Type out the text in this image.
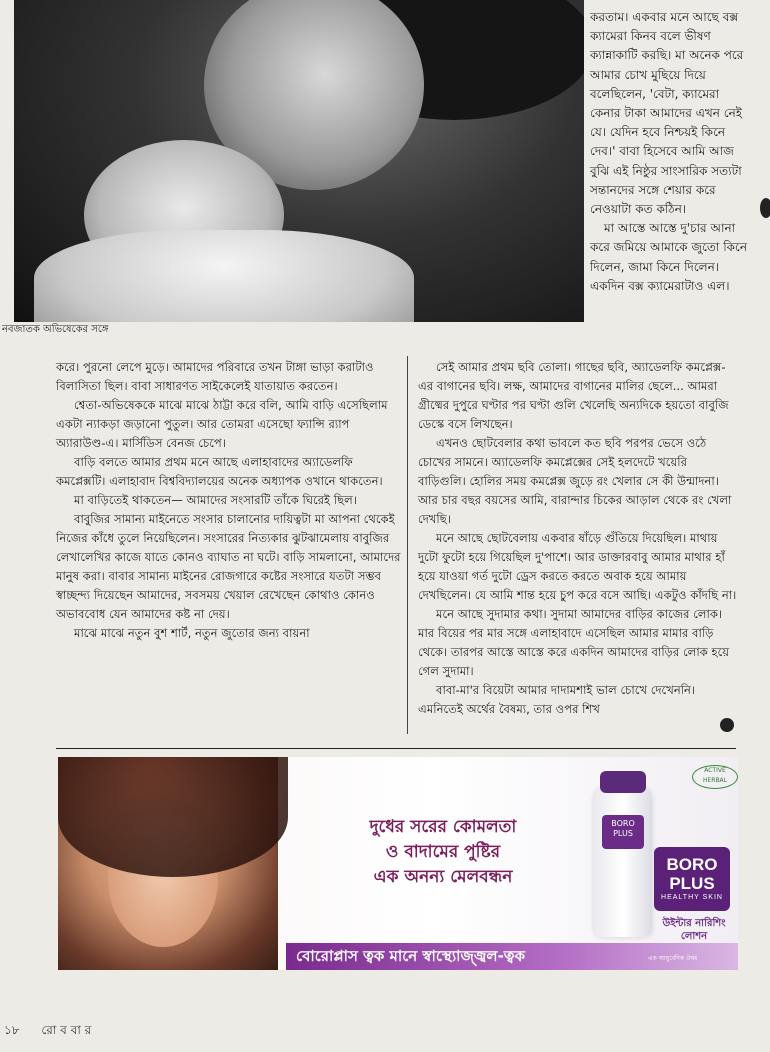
নবজাতক অভিষেকের সঙ্গে

করতাম। একবার মনে আছে বক্স ক্যামেরা কিনব বলে ভীষণ ক্যান্নাকাটি করছি। মা অনেক পরে আমার চোখ মুছিয়ে দিয়ে বলেছিলেন, 'বেটা, ক্যামেরা কেনার টাকা আমাদের এখন নেই যে। যেদিন হবে নিশ্চয়ই কিনে দেব।' বাবা হিসেবে আমি আজ বুঝি এই নিষ্ঠুর সাংসারিক সত্যটা সন্তানদের সঙ্গে শেয়ার করে নেওয়াটা কত কঠিন।

মা আস্তে আস্তে দু'চার আনা করে জমিয়ে আমাকে জুতো কিনে দিলেন, জামা কিনে দিলেন। একদিন বক্স ক্যামেরাটাও এল।

করে। পুরনো লেপে মুড়ে। আমাদের পরিবারে তখন টাঙ্গা ভাড়া করাটাও বিলাসিতা ছিল। বাবা সাধারণত সাইকেলেই যাতায়াত করতেন।

শ্বেতা-অভিষেককে মাঝে মাঝে ঠাট্টা করে বলি, আমি বাড়ি এসেছিলাম একটা ন্যাকড়া জড়ানো পুতুল। আর তোমরা এসেছো ফ্যান্সি র‍্যাপ অ্যারাউণ্ড-এ। মার্সিডিস বেনজ চেপে।

বাড়ি বলতে আমার প্রথম মনে আছে এলাহাবাদের অ্যাডেলফি কমপ্লেক্সটি। এলাহাবাদ বিশ্ববিদ্যালয়ের অনেক অধ্যাপক ওখানে থাকতেন।

মা বাড়িতেই থাকতেন— আমাদের সংসারটি তাঁকে ঘিরেই ছিল।

বাবুজির সামান্য মাইনেতে সংসার চালানোর দায়িত্বটা মা আপনা থেকেই নিজের কাঁধে তুলে নিয়েছিলেন। সংসারের নিত্যকার ঝুটঝামেলায় বাবুজির লেখালেখির কাজে যাতে কোনও ব্যাঘাত না ঘটে। বাড়ি সামলানো, আমাদের মানুষ করা। বাবার সামান্য মাইনের রোজগারে কষ্টের সংসারে যতটা সম্ভব স্বাচ্ছন্দ্য দিয়েছেন আমাদের, সবসময় খেয়াল রেখেছেন কোথাও কোনও অভাববোধ যেন আমাদের কষ্ট না দেয়।

মাঝে মাঝে নতুন বুশ শার্ট, নতুন জুতোর জন্য বায়না

সেই আমার প্রথম ছবি তোলা। গাছের ছবি, অ্যাডেলফি কমপ্লেক্স-এর বাগানের ছবি। লক্ষ, আমাদের বাগানের মালির ছেলে... আমরা গ্রীষ্মের দুপুরে ঘণ্টার পর ঘণ্টা গুলি খেলেছি অন্যদিকে হয়তো বাবুজি ডেস্কে বসে লিখছেন।

এখনও ছোটবেলার কথা ভাবলে কত ছবি পরপর ভেসে ওঠে চোখের সামনে। অ্যাডেলফি কমপ্লেক্সের সেই হলদেটে খয়েরি বাড়িগুলি। হোলির সময় কমপ্লেক্স জুড়ে রং খেলার সে কী উন্মাদনা। আর চার বছর বয়সের আমি, বারান্দার চিকের আড়াল থেকে রং খেলা দেখছি।

মনে আছে ছোটবেলায় একবার ষাঁড়ে গুঁতিয়ে দিয়েছিল। মাথায় দুটো ফুটো হয়ে গিয়েছিল দু'পাশে। আর ডাক্তারবাবু আমার মাথার হাঁ হয়ে যাওয়া গর্ত দুটো ড্রেস করতে করতে অবাক হয়ে আমায় দেখছিলেন। যে আমি শান্ত হয়ে চুপ করে বসে আছি। একটুও কাঁদছি না।

মনে আছে সুদামার কথা। সুদামা আমাদের বাড়ির কাজের লোক। মার বিয়ের পর মার সঙ্গে এলাহাবাদে এসেছিল আমার মামার বাড়ি থেকে। তারপর আস্তে আস্তে করে একদিন আমাদের বাড়ির লোক হয়ে গেল সুদামা।

বাবা-মা'র বিয়েটা আমার দাদামশাই ভাল চোখে দেখেননি। এমনিতেই অর্থের বৈষম্য, তার ওপর শিখ

ACTIVE HERBAL
দুধের সরের কোমলতা
ও বাদামের পুষ্টির
এক অনন্য মেলবন্ধন
BORO PLUS
BORO
PLUS
HEALTHY SKIN
উইন্টার নারিশিং লোশন
বোরোপ্লাস ত্বক মানে স্বাস্থ্যোজ্জ্বল-ত্বক	এক আয়ুর্বেদিক ঔষধ
১৮ রো ব বা র
